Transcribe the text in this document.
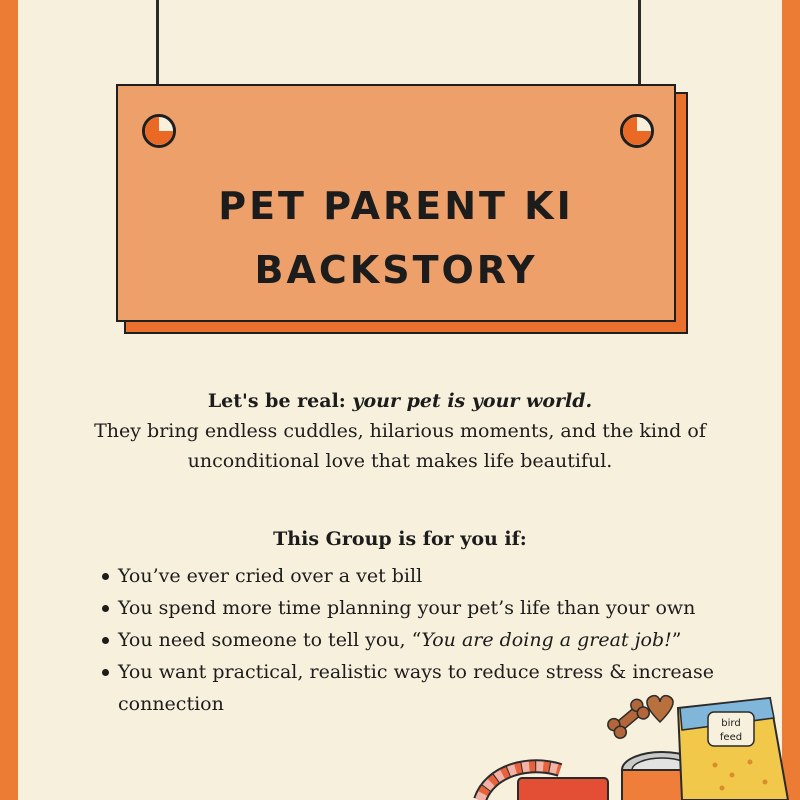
PET PARENT KI BACKSTORY
Let's be real: your pet is your world.
They bring endless cuddles, hilarious moments, and the kind of unconditional love that makes life beautiful.
This Group is for you if:
You’ve ever cried over a vet bill
You spend more time planning your pet’s life than your own
You need someone to tell you, “You are doing a great job!”
You want practical, realistic ways to reduce stress & increase connection
bird
feed
